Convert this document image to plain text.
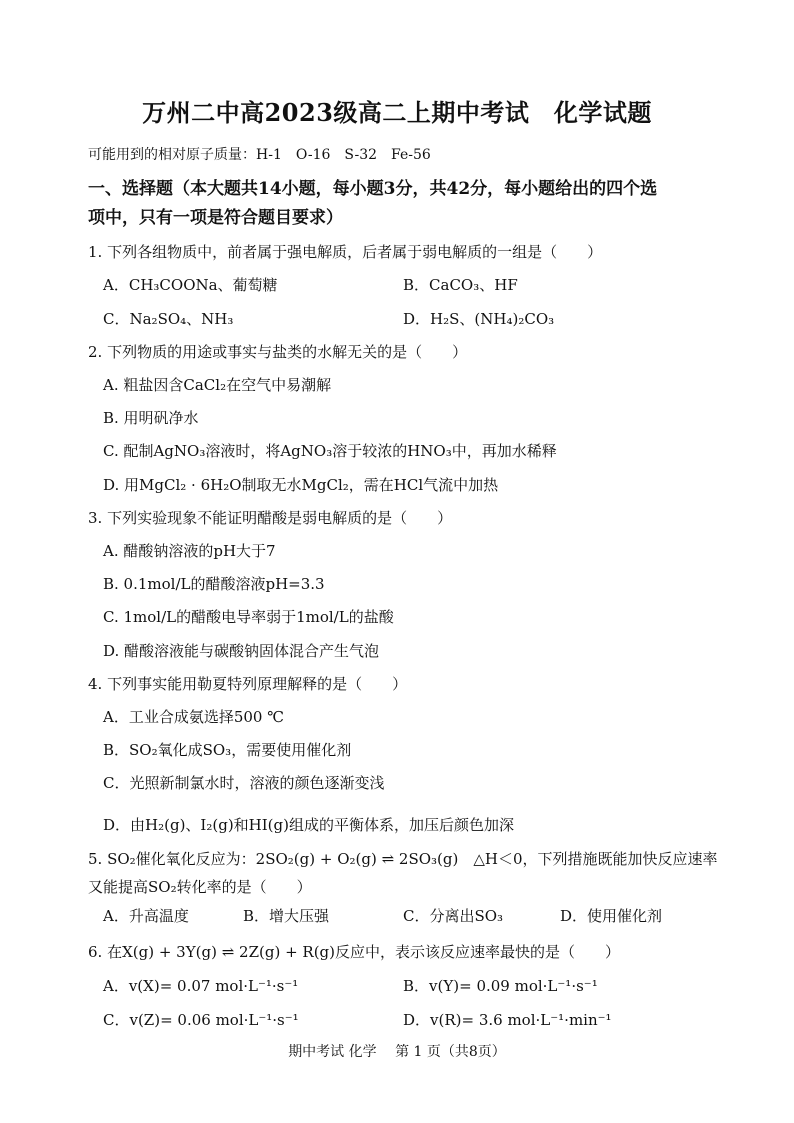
万州二中高2023级高二上期中考试　化学试题
可能用到的相对原子质量：H-1　O-16　S-32　Fe-56
一、选择题（本大题共14小题，每小题3分，共42分，每小题给出的四个选
项中，只有一项是符合题目要求）
1. 下列各组物质中，前者属于强电解质，后者属于弱电解质的一组是（　　）
A．CH₃COONa、葡萄糖	B．CaCO₃、HF
C．Na₂SO₄、NH₃	D．H₂S、(NH₄)₂CO₃
2. 下列物质的用途或事实与盐类的水解无关的是（　　）
A. 粗盐因含CaCl₂在空气中易潮解
B. 用明矾净水
C. 配制AgNO₃溶液时，将AgNO₃溶于较浓的HNO₃中，再加水稀释
D. 用MgCl₂ · 6H₂O制取无水MgCl₂，需在HCl气流中加热
3. 下列实验现象不能证明醋酸是弱电解质的是（　　）
A. 醋酸钠溶液的pH大于7
B. 0.1mol/L的醋酸溶液pH=3.3
C. 1mol/L的醋酸电导率弱于1mol/L的盐酸
D. 醋酸溶液能与碳酸钠固体混合产生气泡
4. 下列事实能用勒夏特列原理解释的是（　　）
A．工业合成氨选择500 ℃
B．SO₂氧化成SO₃，需要使用催化剂
C．光照新制氯水时，溶液的颜色逐渐变浅
D．由H₂(g)、I₂(g)和HI(g)组成的平衡体系，加压后颜色加深
5. SO₂催化氧化反应为：2SO₂(g) + O₂(g) ⇌ 2SO₃(g)　△H＜0，下列措施既能加快反应速率
又能提高SO₂转化率的是（　　）
A．升高温度	B．增大压强	C．分离出SO₃	D．使用催化剂
6. 在X(g) + 3Y(g) ⇌ 2Z(g) + R(g)反应中，表示该反应速率最快的是（　　）
A．v(X)= 0.07 mol·L⁻¹·s⁻¹	B．v(Y)= 0.09 mol·L⁻¹·s⁻¹
C．v(Z)= 0.06 mol·L⁻¹·s⁻¹	D．v(R)= 3.6 mol·L⁻¹·min⁻¹
期中考试 化学　 第 1 页（共8页）
